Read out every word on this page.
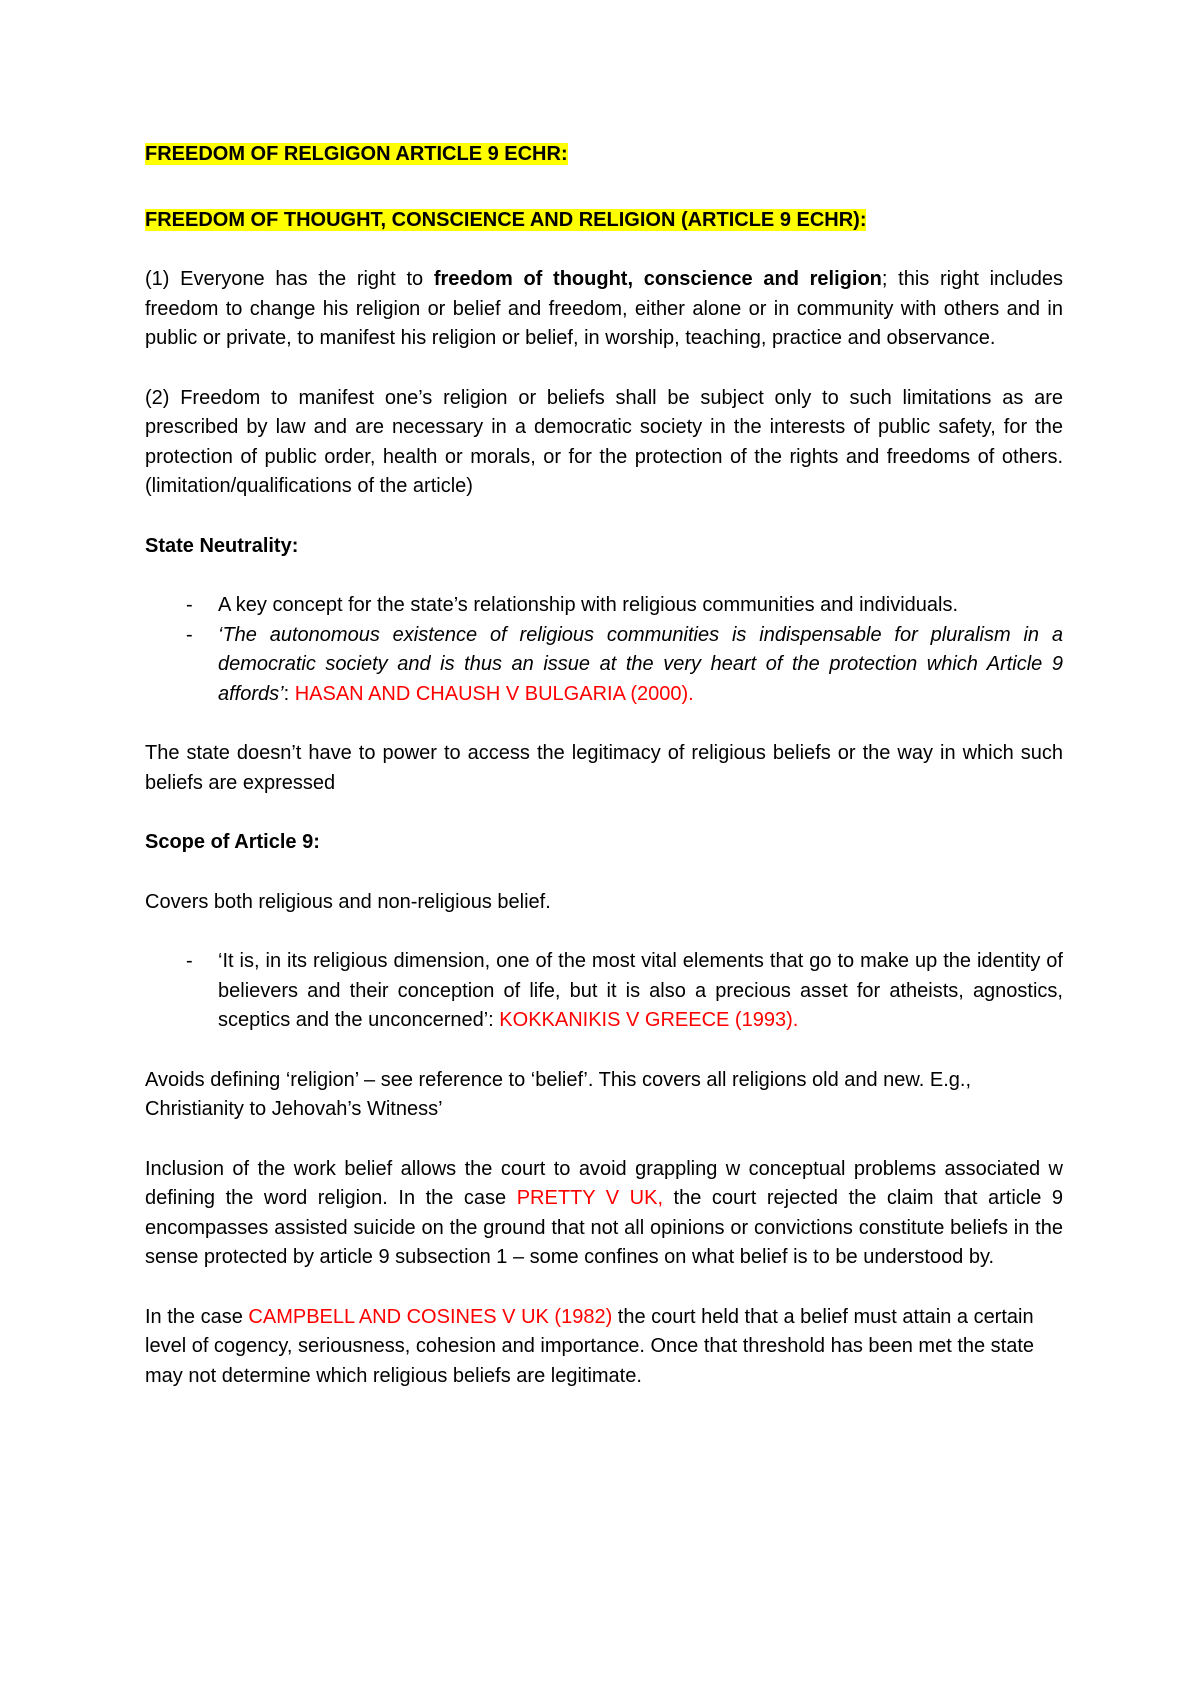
FREEDOM OF RELGIGON ARTICLE 9 ECHR:

FREEDOM OF THOUGHT, CONSCIENCE AND RELIGION (ARTICLE 9 ECHR):

(1) Everyone has the right to freedom of thought, conscience and religion; this right includes freedom to change his religion or belief and freedom, either alone or in community with others and in public or private, to manifest his religion or belief, in worship, teaching, practice and observance.

(2) Freedom to manifest one’s religion or beliefs shall be subject only to such limitations as are prescribed by law and are necessary in a democratic society in the interests of public safety, for the protection of public order, health or morals, or for the protection of the rights and freedoms of others. (limitation/qualifications of the article)

State Neutrality:

- A key concept for the state’s relationship with religious communities and individuals.
- ‘The autonomous existence of religious communities is indispensable for pluralism in a democratic society and is thus an issue at the very heart of the protection which Article 9 affords’: HASAN AND CHAUSH V BULGARIA (2000).

The state doesn’t have to power to access the legitimacy of religious beliefs or the way in which such beliefs are expressed

Scope of Article 9:

Covers both religious and non-religious belief.

- ‘It is, in its religious dimension, one of the most vital elements that go to make up the identity of believers and their conception of life, but it is also a precious asset for atheists, agnostics, sceptics and the unconcerned’: KOKKANIKIS V GREECE (1993).

Avoids defining ‘religion’ – see reference to ‘belief’. This covers all religions old and new. E.g., Christianity to Jehovah’s Witness’

Inclusion of the work belief allows the court to avoid grappling w conceptual problems associated w defining the word religion. In the case PRETTY V UK, the court rejected the claim that article 9 encompasses assisted suicide on the ground that not all opinions or convictions constitute beliefs in the sense protected by article 9 subsection 1 – some confines on what belief is to be understood by.

In the case CAMPBELL AND COSINES V UK (1982) the court held that a belief must attain a certain level of cogency, seriousness, cohesion and importance. Once that threshold has been met the state may not determine which religious beliefs are legitimate.
